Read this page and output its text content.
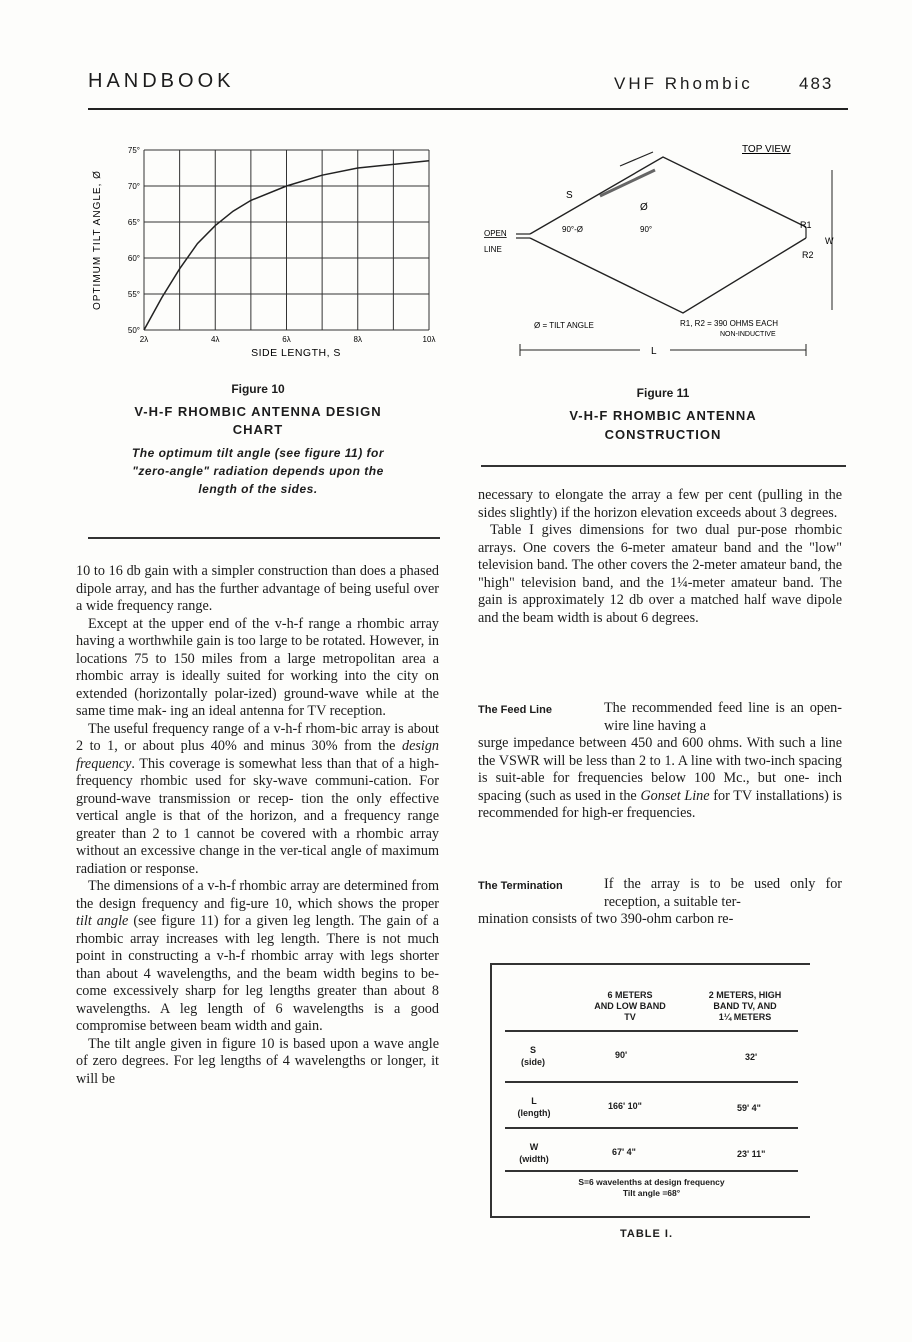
HANDBOOK	VHF Rhombic	483
75°
70°
65°
60°
55°
50°
2λ	4λ	6λ	8λ	10λ
OPTIMUM TILT ANGLE, Ø
SIDE LENGTH, S
Figure 10
V-H-F RHOMBIC ANTENNA DESIGN
CHART
The optimum tilt angle (see figure 11) for
"zero-angle" radiation depends upon the
length of the sides.
TOP VIEW
S
Ø
90°-Ø	90°
OPEN
LINE
R1
R2
W
Ø = TILT ANGLE	R1, R2 = 390 OHMS EACH
NON-INDUCTIVE
L
Figure 11
V-H-F RHOMBIC ANTENNA
CONSTRUCTION

10 to 16 db gain with a simpler construction than does a phased dipole array, and has the further advantage of being useful over a wide frequency range.

Except at the upper end of the v-h-f range a rhombic array having a worthwhile gain is too large to be rotated. However, in locations 75 to 150 miles from a large metropolitan area a rhombic array is ideally suited for working into the city on extended (horizontally polar-ized) ground-wave while at the same time mak- ing an ideal antenna for TV reception.

The useful frequency range of a v-h-f rhom-bic array is about 2 to 1, or about plus 40% and minus 30% from the design frequency. This coverage is somewhat less than that of a high-frequency rhombic used for sky-wave communi-cation. For ground-wave transmission or recep- tion the only effective vertical angle is that of the horizon, and a frequency range greater than 2 to 1 cannot be covered with a rhombic array without an excessive change in the ver-tical angle of maximum radiation or response.

The dimensions of a v-h-f rhombic array are determined from the design frequency and fig-ure 10, which shows the proper tilt angle (see figure 11) for a given leg length. The gain of a rhombic array increases with leg length. There is not much point in constructing a v-h-f rhombic array with legs shorter than about 4 wavelengths, and the beam width begins to be-come excessively sharp for leg lengths greater than about 8 wavelengths. A leg length of 6 wavelengths is a good compromise between beam width and gain.

The tilt angle given in figure 10 is based upon a wave angle of zero degrees. For leg lengths of 4 wavelengths or longer, it will be

necessary to elongate the array a few per cent (pulling in the sides slightly) if the horizon elevation exceeds about 3 degrees.

Table I gives dimensions for two dual pur-pose rhombic arrays. One covers the 6-meter amateur band and the "low" television band. The other covers the 2-meter amateur band, the "high" television band, and the 1¼-meter amateur band. The gain is approximately 12 db over a matched half wave dipole and the beam width is about 6 degrees.

The Feed Line	The recommended feed line is an open-wire line having a

surge impedance between 450 and 600 ohms. With such a line the VSWR will be less than 2 to 1. A line with two-inch spacing is suit-able for frequencies below 100 Mc., but one- inch spacing (such as used in the Gonset Line for TV installations) is recommended for high-er frequencies.

The Termination	If the array is to be used only for reception, a suitable ter-

mination consists of two 390-ohm carbon re-

6 METERS
AND LOW BAND
TV
2 METERS, HIGH
BAND TV, AND
1¼ METERS
S
(side)
90'	32'
L
(length)
166' 10"	59' 4"
W
(width)
67' 4"	23' 11"
S=6 wavelenths at design frequency
Tilt angle =68°
TABLE I.
